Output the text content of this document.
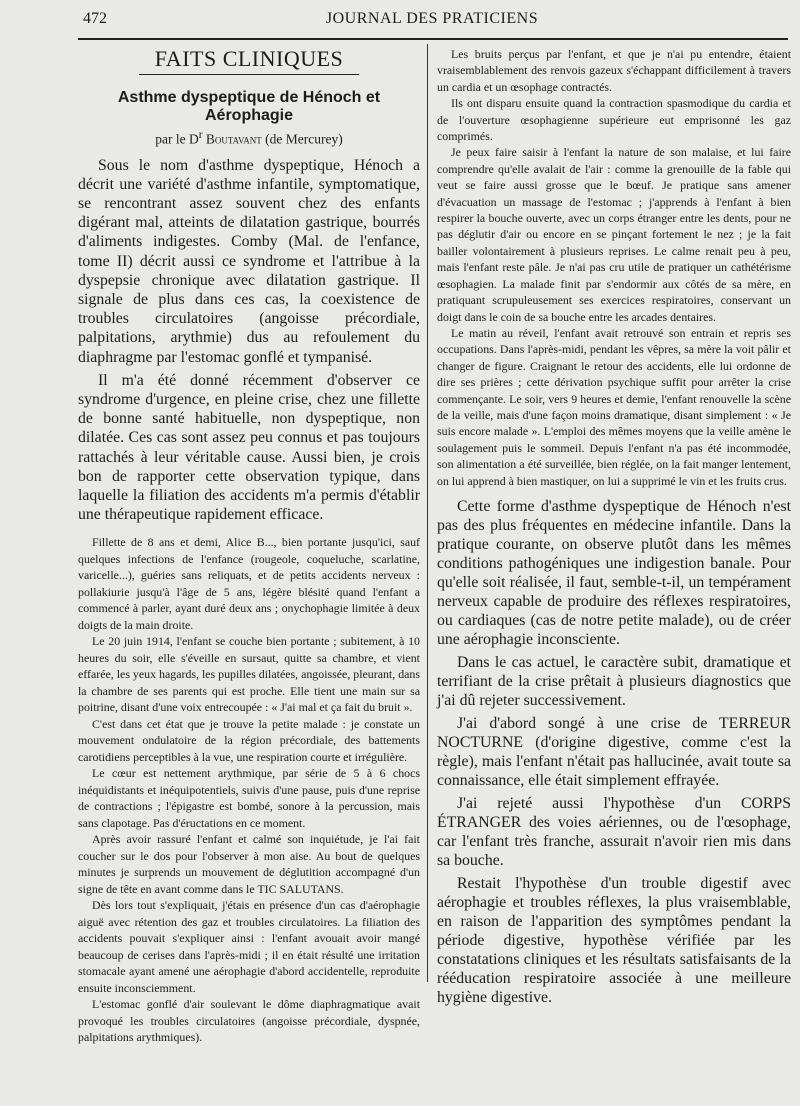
472	JOURNAL DES PRATICIENS
FAITS CLINIQUES
Asthme dyspeptique de Hénoch et Aérophagie
par le $D^r$ Boutavant (de Mercurey)

Sous le nom d'asthme dyspeptique, Hénoch a décrit une variété d'asthme infantile, symptomatique, se rencontrant assez souvent chez des enfants digérant mal, atteints de dilatation gastrique, bourrés d'aliments indigestes. Comby (Mal. de l'enfance, tome II) décrit aussi ce syndrome et l'attribue à la dyspepsie chronique avec dilatation gastrique. Il signale de plus dans ces cas, la coexistence de troubles circulatoires (angoisse précordiale, palpitations, arythmie) dus au refoulement du diaphragme par l'estomac gonflé et tympanisé.

Il m'a été donné récemment d'observer ce syndrome d'urgence, en pleine crise, chez une fillette de bonne santé habituelle, non dyspeptique, non dilatée. Ces cas sont assez peu connus et pas toujours rattachés à leur véritable cause. Aussi bien, je crois bon de rapporter cette observation typique, dans laquelle la filiation des accidents m'a permis d'établir une thérapeutique rapidement efficace.

Fillette de 8 ans et demi, Alice B..., bien portante jusqu'ici, sauf quelques infections de l'enfance (rougeole, coqueluche, scarlatine, varicelle...), guéries sans reliquats, et de petits accidents nerveux : pollakiurie jusqu'à l'âge de 5 ans, légère blésité quand l'enfant a commencé à parler, ayant duré deux ans ; onychophagie limitée à deux doigts de la main droite.

Le 20 juin 1914, l'enfant se couche bien portante ; subitement, à 10 heures du soir, elle s'éveille en sursaut, quitte sa chambre, et vient effarée, les yeux hagards, les pupilles dilatées, angoissée, pleurant, dans la chambre de ses parents qui est proche. Elle tient une main sur sa poitrine, disant d'une voix entrecoupée : « J'ai mal et ça fait du bruit ».

C'est dans cet état que je trouve la petite malade : je constate un mouvement ondulatoire de la région précordiale, des battements carotidiens perceptibles à la vue, une respiration courte et irrégulière.

Le cœur est nettement arythmique, par série de 5 à 6 chocs inéquidistants et inéquipotentiels, suivis d'une pause, puis d'une reprise de contractions ; l'épigastre est bombé, sonore à la percussion, mais sans clapotage. Pas d'éructations en ce moment.

Après avoir rassuré l'enfant et calmé son inquiétude, je l'ai fait coucher sur le dos pour l'observer à mon aise. Au bout de quelques minutes je surprends un mouvement de déglutition accompagné d'un signe de tête en avant comme dans le TIC SALUTANS.

Dès lors tout s'expliquait, j'étais en présence d'un cas d'aérophagie aiguë avec rétention des gaz et troubles circulatoires. La filiation des accidents pouvait s'expliquer ainsi : l'enfant avouait avoir mangé beaucoup de cerises dans l'après-midi ; il en était résulté une irritation stomacale ayant amené une aérophagie d'abord accidentelle, reproduite ensuite inconsciemment.

L'estomac gonflé d'air soulevant le dôme diaphragmatique avait provoqué les troubles circulatoires (angoisse précordiale, dyspnée, palpitations arythmiques).

Les bruits perçus par l'enfant, et que je n'ai pu entendre, étaient vraisemblablement des renvois gazeux s'échappant difficilement à travers un cardia et un œsophage contractés.

Ils ont disparu ensuite quand la contraction spasmodique du cardia et de l'ouverture œsophagienne supérieure eut emprisonné les gaz comprimés.

Je peux faire saisir à l'enfant la nature de son malaise, et lui faire comprendre qu'elle avalait de l'air : comme la grenouille de la fable qui veut se faire aussi grosse que le bœuf. Je pratique sans amener d'évacuation un massage de l'estomac ; j'apprends à l'enfant à bien respirer la bouche ouverte, avec un corps étranger entre les dents, pour ne pas déglutir d'air ou encore en se pinçant fortement le nez ; je la fait bailler volontairement à plusieurs reprises. Le calme renait peu à peu, mais l'enfant reste pâle. Je n'ai pas cru utile de pratiquer un cathétérisme œsophagien. La malade finit par s'endormir aux côtés de sa mère, en pratiquant scrupuleusement ses exercices respiratoires, conservant un doigt dans le coin de sa bouche entre les arcades dentaires.

Le matin au réveil, l'enfant avait retrouvé son entrain et repris ses occupations. Dans l'après-midi, pendant les vêpres, sa mère la voit pâlir et changer de figure. Craignant le retour des accidents, elle lui ordonne de dire ses prières ; cette dérivation psychique suffit pour arrêter la crise commençante. Le soir, vers 9 heures et demie, l'enfant renouvelle la scène de la veille, mais d'une façon moins dramatique, disant simplement : « Je suis encore malade ». L'emploi des mêmes moyens que la veille amène le soulagement puis le sommeil. Depuis l'enfant n'a pas été incommodée, son alimentation a été surveillée, bien réglée, on la fait manger lentement, on lui apprend à bien mastiquer, on lui a supprimé le vin et les fruits crus.

Cette forme d'asthme dyspeptique de Hénoch n'est pas des plus fréquentes en médecine infantile. Dans la pratique courante, on observe plutôt dans les mêmes conditions pathogéniques une indigestion banale. Pour qu'elle soit réalisée, il faut, semble-t-il, un tempérament nerveux capable de produire des réflexes respiratoires, ou cardiaques (cas de notre petite malade), ou de créer une aérophagie inconsciente.

Dans le cas actuel, le caractère subit, dramatique et terrifiant de la crise prêtait à plusieurs diagnostics que j'ai dû rejeter successivement.

J'ai d'abord songé à une crise de TERREUR NOCTURNE (d'origine digestive, comme c'est la règle), mais l'enfant n'était pas hallucinée, avait toute sa connaissance, elle était simplement effrayée.

J'ai rejeté aussi l'hypothèse d'un CORPS ÉTRANGER des voies aériennes, ou de l'œsophage, car l'enfant très franche, assurait n'avoir rien mis dans sa bouche.

Restait l'hypothèse d'un trouble digestif avec aérophagie et troubles réflexes, la plus vraisemblable, en raison de l'apparition des symptômes pendant la période digestive, hypothèse vérifiée par les constatations cliniques et les résultats satisfaisants de la rééducation respiratoire associée à une meilleure hygiène digestive.
